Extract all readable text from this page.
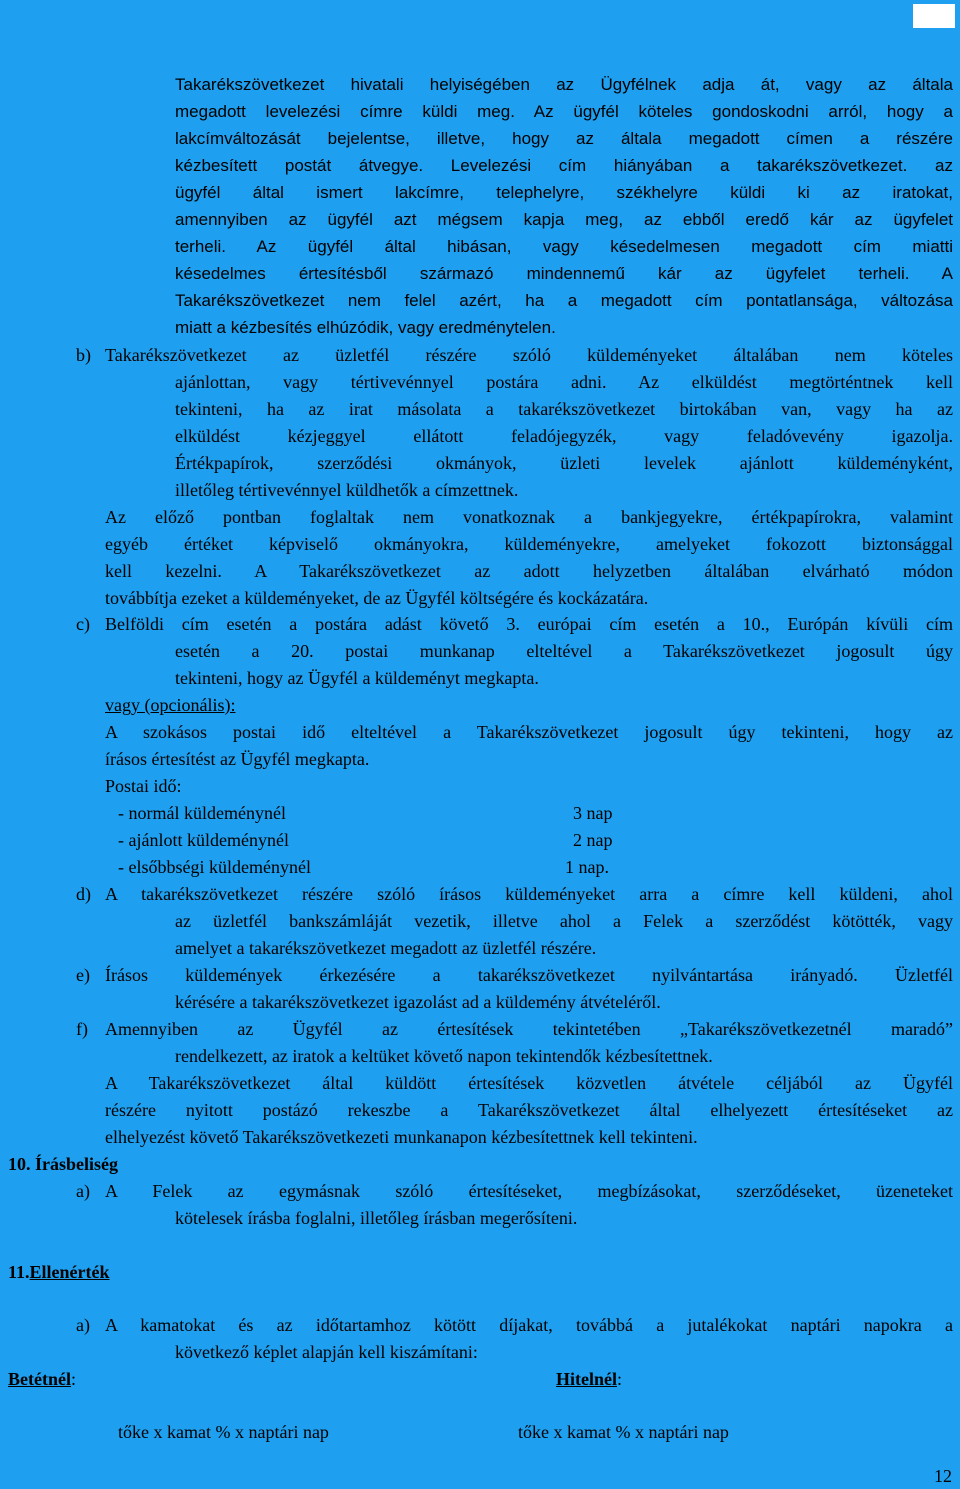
Takarékszövetkezet hivatali helyiségében az Ügyfélnek adja át, vagy az általa
megadott levelezési címre küldi meg. Az ügyfél köteles gondoskodni arról, hogy a
lakcímváltozását bejelentse, illetve, hogy az általa megadott címen a részére
kézbesített postát átvegye. Levelezési cím hiányában a takarékszövetkezet. az
ügyfél által ismert lakcímre, telephelyre, székhelyre küldi ki az iratokat,
amennyiben az ügyfél azt mégsem kapja meg, az ebből eredő kár az ügyfelet
terheli. Az ügyfél által hibásan, vagy késedelmesen megadott cím miatti
késedelmes értesítésből származó mindennemű kár az ügyfelet terheli. A
Takarékszövetkezet nem felel azért, ha a megadott cím pontatlansága, változása
miatt a kézbesítés elhúzódik, vagy eredménytelen.
b) Takarékszövetkezet az üzletfél részére szóló küldeményeket általában nem köteles
ajánlottan, vagy tértivevénnyel postára adni. Az elküldést megtörténtnek kell
tekinteni, ha az irat másolata a takarékszövetkezet birtokában van, vagy ha az
elküldést kézjeggyel ellátott feladójegyzék, vagy feladóvevény igazolja.
Értékpapírok, szerződési okmányok, üzleti levelek ajánlott küldeményként,
illetőleg tértivevénnyel küldhetők a címzettnek.
Az előző pontban foglaltak nem vonatkoznak a bankjegyekre, értékpapírokra, valamint
egyéb értéket képviselő okmányokra, küldeményekre, amelyeket fokozott biztonsággal
kell kezelni. A Takarékszövetkezet az adott helyzetben általában elvárható módon
továbbítja ezeket a küldeményeket, de az Ügyfél költségére és kockázatára.
c) Belföldi cím esetén a postára adást követő 3. európai cím esetén a 10., Európán kívüli cím
esetén a 20. postai munkanap elteltével a Takarékszövetkezet jogosult úgy
tekinteni, hogy az Ügyfél a küldeményt megkapta.
vagy (opcionális):
A szokásos postai idő elteltével a Takarékszövetkezet jogosult úgy tekinteni, hogy az
írásos értesítést az Ügyfél megkapta.
Postai idő:
- normál küldeménynél	3 nap
- ajánlott küldeménynél	2 nap
- elsőbbségi küldeménynél	1 nap.
d) A takarékszövetkezet részére szóló írásos küldeményeket arra a címre kell küldeni, ahol
az üzletfél bankszámláját vezetik, illetve ahol a Felek a szerződést kötötték, vagy
amelyet a takarékszövetkezet megadott az üzletfél részére.
e) Írásos küldemények érkezésére a takarékszövetkezet nyilvántartása irányadó. Üzletfél
kérésére a takarékszövetkezet igazolást ad a küldemény átvételéről.
f) Amennyiben az Ügyfél az értesítések tekintetében „Takarékszövetkezetnél maradó”
rendelkezett, az iratok a keltüket követő napon tekintendők kézbesítettnek.
A Takarékszövetkezet által küldött értesítések közvetlen átvétele céljából az Ügyfél
részére nyitott postázó rekeszbe a Takarékszövetkezet által elhelyezett értesítéseket az
elhelyezést követő Takarékszövetkezeti munkanapon kézbesítettnek kell tekinteni.
10. Írásbeliség
a) A Felek az egymásnak szóló értesítéseket, megbízásokat, szerződéseket, üzeneteket
kötelesek írásba foglalni, illetőleg írásban megerősíteni.
11.Ellenérték
a) A kamatokat és az időtartamhoz kötött díjakat, továbbá a jutalékokat naptári napokra a
következő képlet alapján kell kiszámítani:
Betétnél:	Hitelnél:
tőke x kamat % x naptári nap	tőke x kamat % x naptári nap
12
